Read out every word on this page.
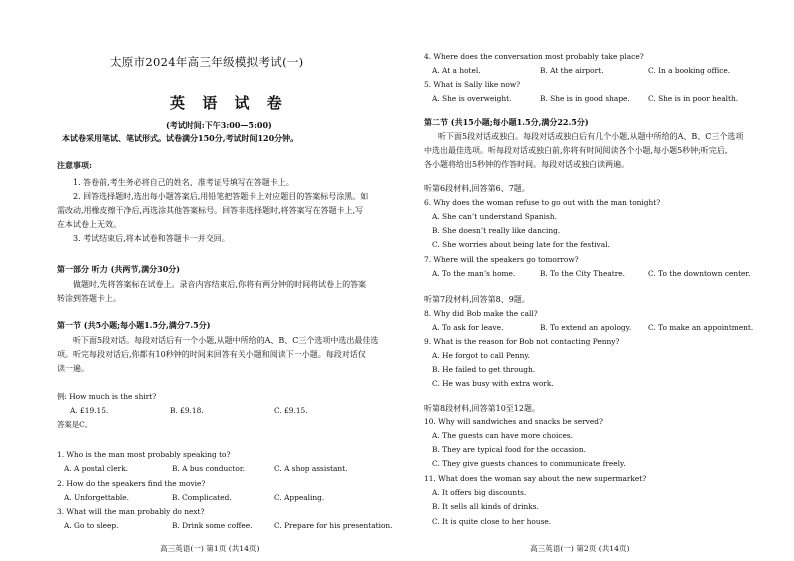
太原市2024年高三年级模拟考试(一)
英 语 试 卷
(考试时间:下午3:00—5:00)
本试卷采用笔试、笔试形式。试卷满分150分,考试时间120分钟。
注意事项:
1. 答卷前,考生务必将自己的姓名、准考证号填写在答题卡上。
2. 回答选择题时,选出每小题答案后,用铅笔把答题卡上对应题目的答案标号涂黑。如
需改动,用橡皮擦干净后,再选涂其他答案标号。回答非选择题时,将答案写在答题卡上,写
在本试卷上无效。
3. 考试结束后,将本试卷和答题卡一并交回。
第一部分 听力 (共两节,满分30分)
做题时,先将答案标在试卷上。录音内容结束后,你将有两分钟的时间将试卷上的答案
转涂到答题卡上。
第一节 (共5小题;每小题1.5分,满分7.5分)
听下面5段对话。每段对话后有一个小题,从题中所给的A、B、C三个选项中选出最佳选
项。听完每段对话后,你都有10秒钟的时间来回答有关小题和阅读下一小题。每段对话仅
读一遍。
例: How much is the shirt?
A. £19.15.	B. £9.18.	C. £9.15.
答案是C。
1. Who is the man most probably speaking to?
A. A postal clerk.	B. A bus conductor.	C. A shop assistant.
2. How do the speakers find the movie?
A. Unforgettable.	B. Complicated.	C. Appealing.
3. What will the man probably do next?
A. Go to sleep.	B. Drink some coffee.	C. Prepare for his presentation.
高三英语(一) 第1页 (共14页)
4. Where does the conversation most probably take place?
A. At a hotel.	B. At the airport.	C. In a booking office.
5. What is Sally like now?
A. She is overweight.	B. She is in good shape. C. She is in poor health.
第二节 (共15小题;每小题1.5分,满分22.5分)
听下面5段对话或独白。每段对话或独白后有几个小题,从题中所给的A、B、C三个选项
中选出最佳选项。听每段对话或独白前,你将有时间阅读各个小题,每小题5秒钟;听完后,
各小题将给出5秒钟的作答时间。每段对话或独白读两遍。
听第6段材料,回答第6、7题。
6. Why does the woman refuse to go out with the man tonight?
A. She can’t understand Spanish.
B. She doesn’t really like dancing.
C. She worries about being late for the festival.
7. Where will the speakers go tomorrow?
A. To the man’s home.	B. To the City Theatre.	C. To the downtown center.
听第7段材料,回答第8、9题。
8. Why did Bob make the call?
A. To ask for leave.	B. To extend an apology. C. To make an appointment.
9. What is the reason for Bob not contacting Penny?
A. He forgot to call Penny.
B. He failed to get through.
C. He was busy with extra work.
听第8段材料,回答第10至12题。
10. Why will sandwiches and snacks be served?
A. The guests can have more choices.
B. They are typical food for the occasion.
C. They give guests chances to communicate freely.
11. What does the woman say about the new supermarket?
A. It offers big discounts.
B. It sells all kinds of drinks.
C. It is quite close to her house.
高三英语(一) 第2页 (共14页)
